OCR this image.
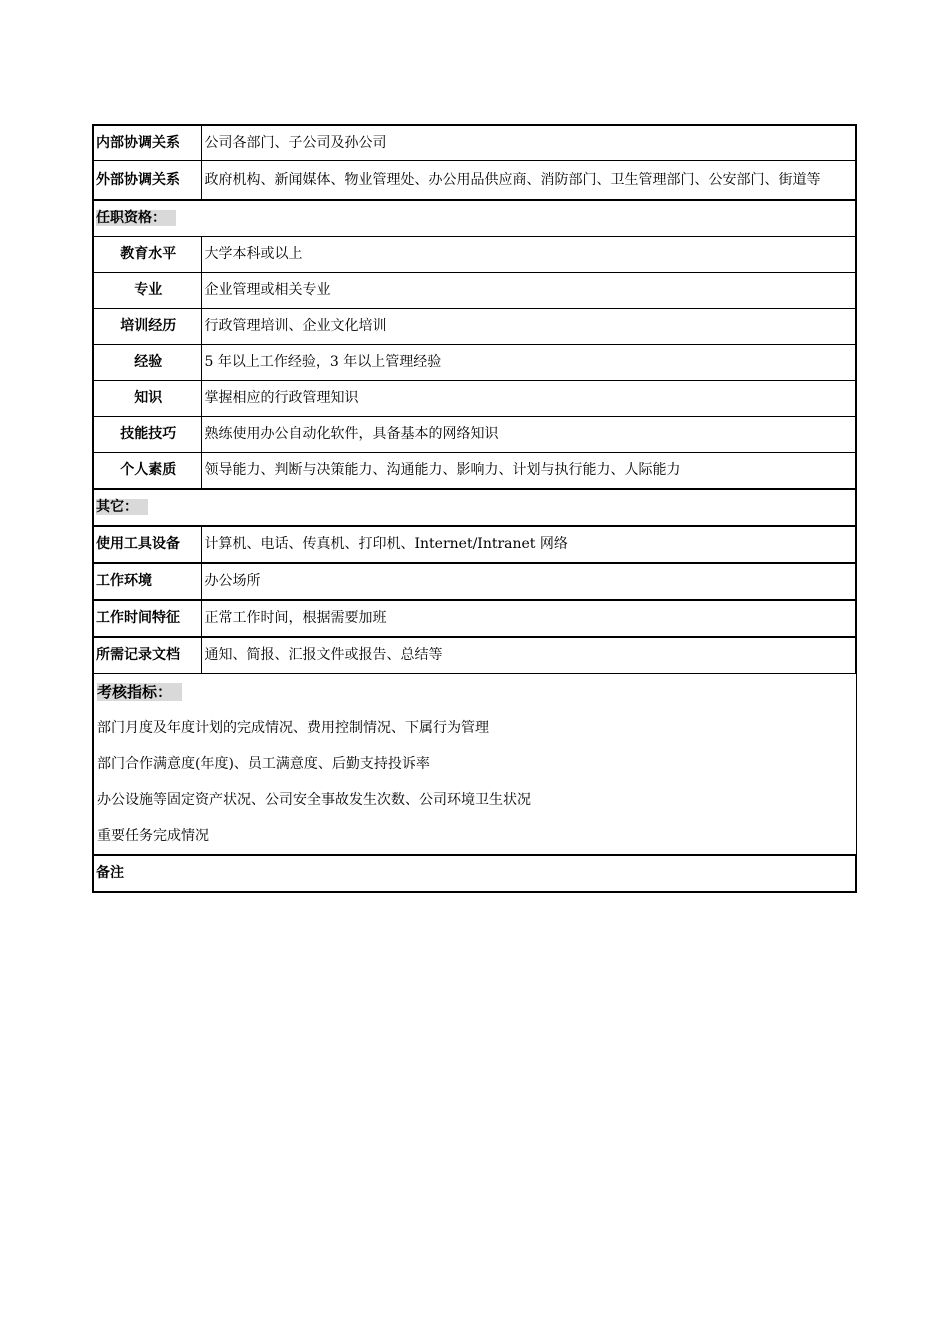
内部协调关系	公司各部门、子公司及孙公司
外部协调关系	政府机构、新闻媒体、物业管理处、办公用品供应商、消防部门、卫生管理部门、公安部门、街道等
任职资格：	
教育水平	大学本科或以上
专业	企业管理或相关专业
培训经历	行政管理培训、企业文化培训
经验	5 年以上工作经验，3 年以上管理经验
知识	掌握相应的行政管理知识
技能技巧	熟练使用办公自动化软件，具备基本的网络知识
个人素质	领导能力、判断与决策能力、沟通能力、影响力、计划与执行能力、人际能力
其它：	
使用工具设备	计算机、电话、传真机、打印机、Internet/Intranet 网络
工作环境	办公场所
工作时间特征	正常工作时间，根据需要加班
所需记录文档	通知、简报、汇报文件或报告、总结等

考核指标：
部门月度及年度计划的完成情况、费用控制情况、下属行为管理
部门合作满意度(年度)、员工满意度、后勤支持投诉率
办公设施等固定资产状况、公司安全事故发生次数、公司环境卫生状况
重要任务完成情况	

备注	
